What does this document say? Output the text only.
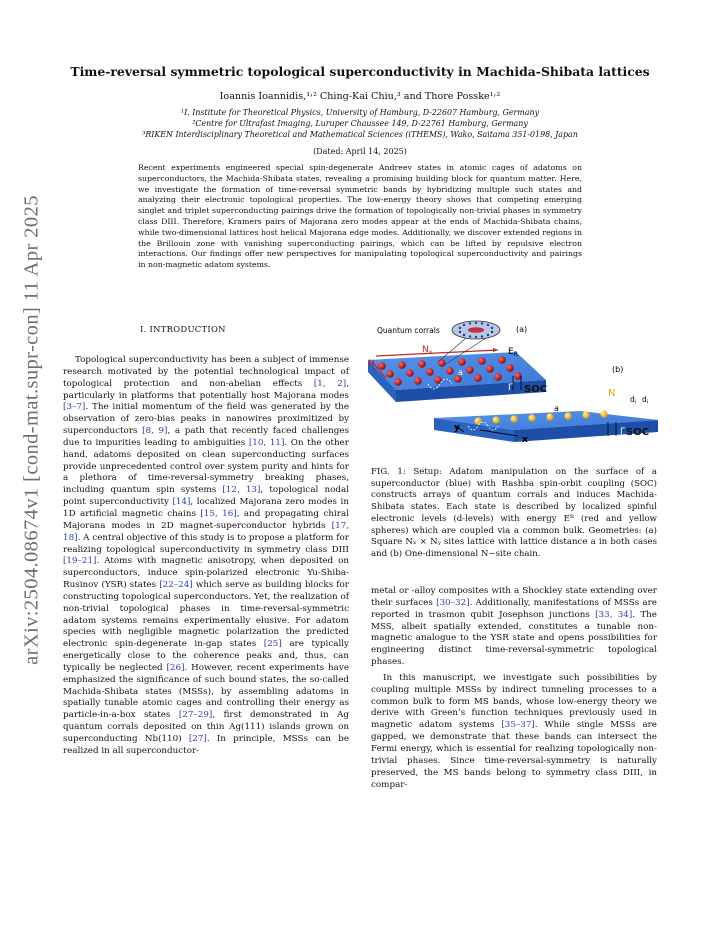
arXiv:2504.08674v1 [cond-mat.supr-con] 11 Apr 2025
Time-reversal symmetric topological superconductivity in Machida-Shibata lattices
Ioannis Ioannidis,¹˒² Ching-Kai Chiu,³ and Thore Posske¹˒²
¹I. Institute for Theoretical Physics, University of Hamburg, D-22607 Hamburg, Germany
²Centre for Ultrafast Imaging, Luruper Chaussee 149, D-22761 Hamburg, Germany
³RIKEN Interdisciplinary Theoretical and Mathematical Sciences (iTHEMS), Wako, Saitama 351-0198, Japan
(Dated: April 14, 2025)
Recent experiments engineered special spin-degenerate Andreev states in atomic cages of adatoms on superconductors, the Machida-Shibata states, revealing a promising building block for quantum matter. Here, we investigate the formation of time-reversal symmetric bands by hybridizing multiple such states and analyzing their electronic topological properties. The low-energy theory shows that competing emerging singlet and triplet superconducting pairings drive the formation of topologically non-trivial phases in symmetry class DIII. Therefore, Kramers pairs of Majorana zero modes appear at the ends of Machida-Shibata chains, while two-dimensional lattices host helical Majorana edge modes. Additionally, we discover extended regions in the Brillouin zone with vanishing superconducting pairings, which can be lifted by repulsive electron interactions. Our findings offer new perspectives for manipulating topological superconductivity and pairings in non-magnetic adatom systems.
I. INTRODUCTION

Topological superconductivity has been a subject of immense research motivated by the potential technological impact of topological protection and non-abelian effects [1, 2], particularly in platforms that potentially host Majorana modes [3–7]. The initial momentum of the field was generated by the observation of zero-bias peaks in nanowires proximitized by superconductors [8, 9], a path that recently faced challenges due to impurities leading to ambiguities [10, 11]. On the other hand, adatoms deposited on clean superconducting surfaces provide unprecedented control over system purity and hints for a plethora of time-reversal-symmetry breaking phases, including quantum spin systems [12, 13], topological nodal point superconductivity [14], localized Majorana zero modes in 1D artificial magnetic chains [15, 16], and propagating chiral Majorana modes in 2D magnet-superconductor hybrids [17, 18]. A central objective of this study is to propose a platform for realizing topological superconductivity in symmetry class DIII [19–21]. Atoms with magnetic anisotropy, when deposited on superconductors, induce spin-polarized electronic Yu-Shiba-Rusinov (YSR) states [22–24] which serve as building blocks for constructing topological superconductors. Yet, the realization of non-trivial topological phases in time-reversal-symmetric adatom systems remains experimentally elusive. For adatom species with negligible magnetic polarization the predicted electronic spin-degenerate in-gap states [25] are typically energetically close to the coherence peaks and, thus, can typically be neglected [26]. However, recent experiments have emphasized the significance of such bound states, the so-called Machida-Shibata states (MSSs), by assembling adatoms in spatially tunable atomic cages and controlling their energy as particle-in-a-box states [27–29], first demonstrated in Ag quantum corrals deposited on thin Ag(111) islands grown on superconducting Nb(110) [27]. In principle, MSSs can be realized in all superconductor-

Quantum corrals	(a)
$N_y$
$N_x$	$E_R$
a
Γ SOC
(b)
N
$d_i$ $d_i$
a
y
x
Γ SOC
FIG. 1: Setup: Adatom manipulation on the surface of a superconductor (blue) with Rashba spin-orbit coupling (SOC) constructs arrays of quantum corrals and induces Machida-Shibata states. Each state is described by localized spinful electronic levels (d-levels) with energy Eᴿ (red and yellow spheres) which are coupled via a common bulk. Geometries: (a) Square Nₓ × Nᵧ sites lattice with lattice distance a in both cases and (b) One-dimensional N−site chain.

metal or -alloy composites with a Shockley state extending over their surfaces [30–32]. Additionally, manifestations of MSSs are reported in trasmon qubit Josephson junctions [33, 34]. The MSS, albeit spatially extended, constitutes a tunable non-magnetic analogue to the YSR state and opens possibilities for engineering distinct time-reversal-symmetric topological phases.

In this manuscript, we investigate such possibilities by coupling multiple MSSs by indirect tunneling processes to a common bulk to form MS bands, whose low-energy theory we derive with Green’s function techniques previously used in magnetic adatom systems [35–37]. While single MSSs are gapped, we demonstrate that these bands can intersect the Fermi energy, which is essential for realizing topologically non-trivial phases. Since time-reversal-symmetry is naturally preserved, the MS bands belong to symmetry class DIII, in compar-
